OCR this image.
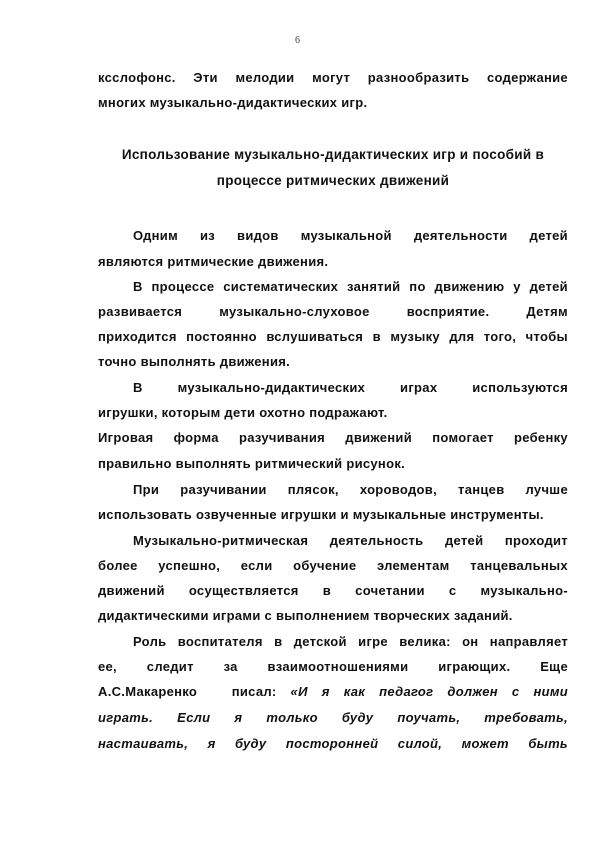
6
ксслофонс. Эти мелодии могут разнообразить содержание
многих музыкально-дидактических игр.
Использование музыкально-дидактических игр и пособий в
процессе ритмических движений
Одним из видов музыкальной деятельности детей
являются ритмические движения.
В процессе систематических занятий по движению у детей
развивается	музыкально-слуховое	восприятие.	Детям
приходится постоянно вслушиваться в музыку для того, чтобы
точно выполнять движения.
В	музыкально-дидактических	играх	используются
игрушки, которым дети охотно подражают.
Игровая форма разучивания движений помогает ребенку
правильно выполнять ритмический рисунок.
При разучивании плясок, хороводов, танцев лучше
использовать озвученные игрушки и музыкальные инструменты.
Музыкально-ритмическая деятельность детей проходит
более успешно, если обучение элементам танцевальных
движений осуществляется в сочетании с музыкально-
дидактическими играми с выполнением творческих заданий.
Роль воспитателя в детской игре велика: он направляет
ее, следит за взаимоотношениями играющих. Еще
А.С.Макаренко	писал: «И я как педагог должен с ними
играть. Если я только буду поучать, требовать,
настаивать, я буду посторонней силой, может быть
